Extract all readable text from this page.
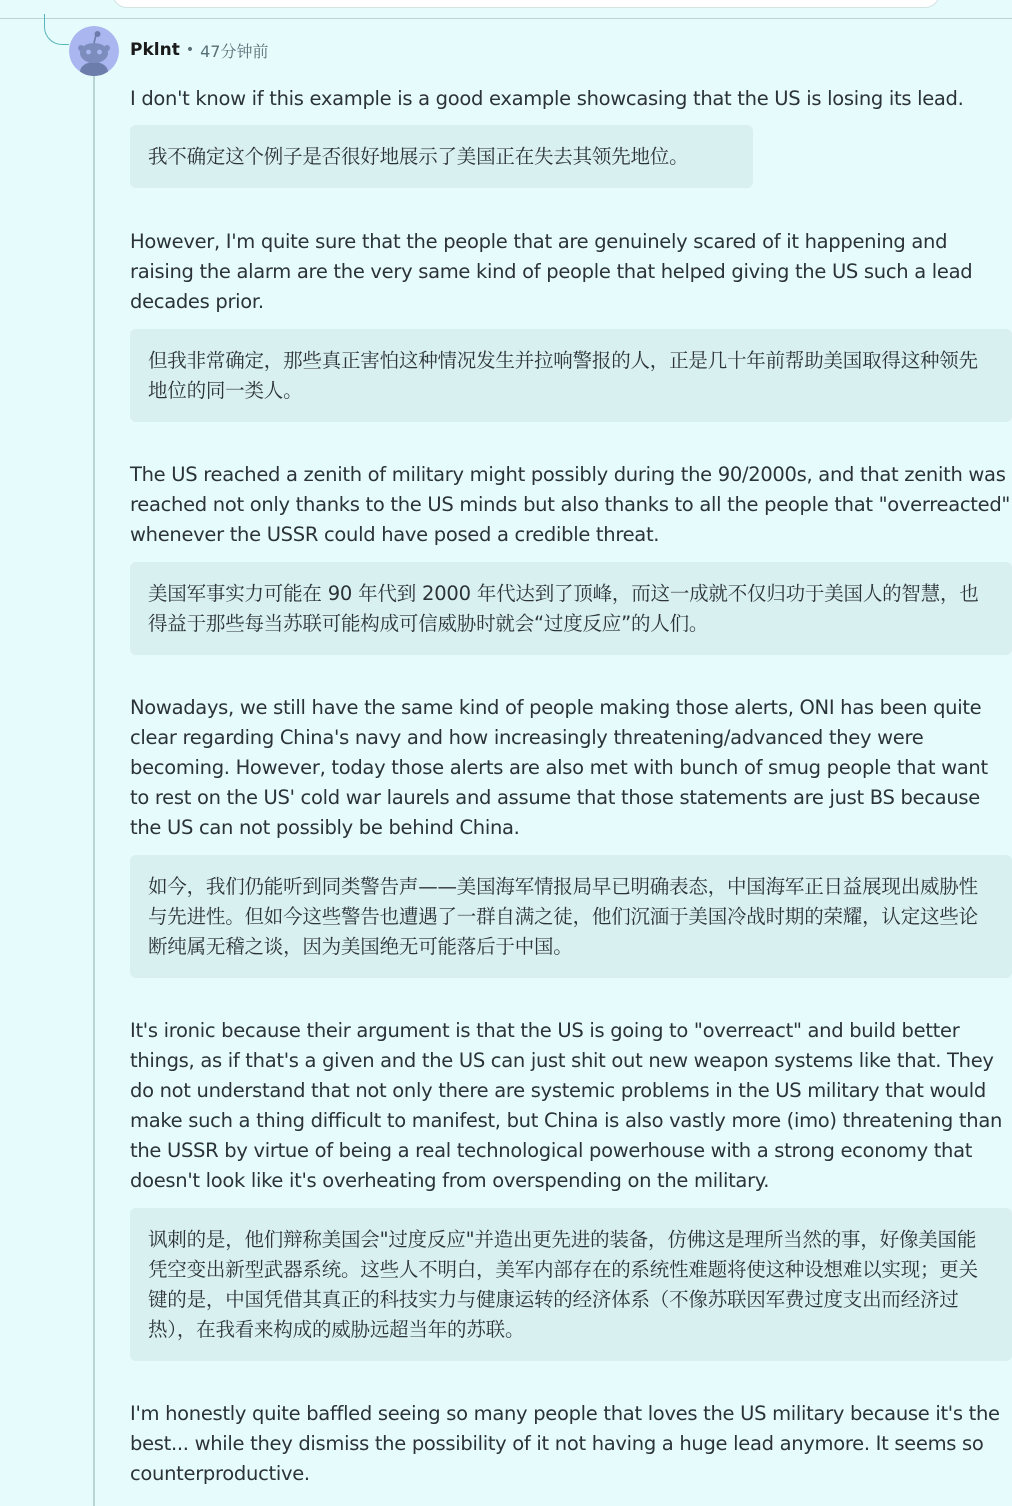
Pklnt • 47分钟前

I don't know if this example is a good example showcasing that the US is losing its lead.

我不确定这个例子是否很好地展示了美国正在失去其领先地位。

However, I'm quite sure that the people that are genuinely scared of it happening and raising the alarm are the very same kind of people that helped giving the US such a lead decades prior.

但我非常确定，那些真正害怕这种情况发生并拉响警报的人，正是几十年前帮助美国取得这种领先地位的同一类人。

The US reached a zenith of military might possibly during the 90/2000s, and that zenith was reached not only thanks to the US minds but also thanks to all the people that "overreacted" whenever the USSR could have posed a credible threat.

美国军事实力可能在 90 年代到 2000 年代达到了顶峰，而这一成就不仅归功于美国人的智慧，也得益于那些每当苏联可能构成可信威胁时就会“过度反应”的人们。

Nowadays, we still have the same kind of people making those alerts, ONI has been quite clear regarding China's navy and how increasingly threatening/advanced they were becoming. However, today those alerts are also met with bunch of smug people that want to rest on the US' cold war laurels and assume that those statements are just BS because the US can not possibly be behind China.

如今，我们仍能听到同类警告声——美国海军情报局早已明确表态，中国海军正日益展现出威胁性与先进性。但如今这些警告也遭遇了一群自满之徒，他们沉湎于美国冷战时期的荣耀，认定这些论断纯属无稽之谈，因为美国绝无可能落后于中国。

It's ironic because their argument is that the US is going to "overreact" and build better things, as if that's a given and the US can just shit out new weapon systems like that. They do not understand that not only there are systemic problems in the US military that would make such a thing difficult to manifest, but China is also vastly more (imo) threatening than the USSR by virtue of being a real technological powerhouse with a strong economy that doesn't look like it's overheating from overspending on the military.

讽刺的是，他们辩称美国会"过度反应"并造出更先进的装备，仿佛这是理所当然的事，好像美国能凭空变出新型武器系统。这些人不明白，美军内部存在的系统性难题将使这种设想难以实现；更关键的是，中国凭借其真正的科技实力与健康运转的经济体系（不像苏联因军费过度支出而经济过热），在我看来构成的威胁远超当年的苏联。

I'm honestly quite baffled seeing so many people that loves the US military because it's the best... while they dismiss the possibility of it not having a huge lead anymore. It seems so counterproductive.
